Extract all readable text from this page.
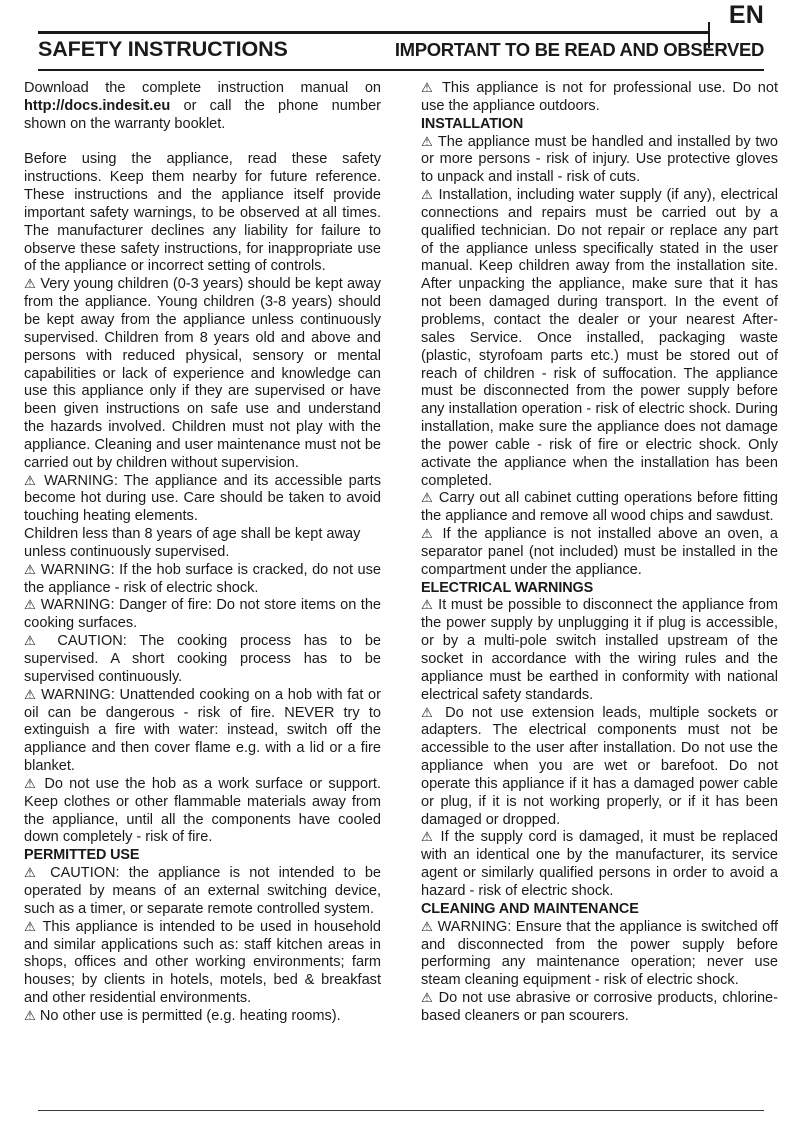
EN
SAFETY INSTRUCTIONS	IMPORTANT TO BE READ AND OBSERVED

Download the complete instruction manual on http://docs.indesit.eu or call the phone number shown on the warranty booklet.

Before using the appliance, read these safety instructions. Keep them nearby for future reference. These instructions and the appliance itself provide important safety warnings, to be observed at all times. The manufacturer declines any liability for failure to observe these safety instructions, for inappropriate use of the appliance or incorrect setting of controls.

⚠ Very young children (0-3 years) should be kept away from the appliance. Young children (3-8 years) should be kept away from the appliance unless continuously supervised. Children from 8 years old and above and persons with reduced physical, sensory or mental capabilities or lack of experience and knowledge can use this appliance only if they are supervised or have been given instructions on safe use and understand the hazards involved. Children must not play with the appliance. Cleaning and user maintenance must not be carried out by children without supervision.

⚠ WARNING: The appliance and its accessible parts become hot during use. Care should be taken to avoid touching heating elements.

Children less than 8 years of age shall be kept away unless continuously supervised.

⚠ WARNING: If the hob surface is cracked, do not use the appliance - risk of electric shock.

⚠ WARNING: Danger of fire: Do not store items on the cooking surfaces.

⚠ CAUTION: The cooking process has to be supervised. A short cooking process has to be supervised continuously.

⚠ WARNING: Unattended cooking on a hob with fat or oil can be dangerous - risk of fire. NEVER try to extinguish a fire with water: instead, switch off the appliance and then cover flame e.g. with a lid or a fire blanket.

⚠ Do not use the hob as a work surface or support. Keep clothes or other flammable materials away from the appliance, until all the components have cooled down completely - risk of fire.

PERMITTED USE

⚠ CAUTION: the appliance is not intended to be operated by means of an external switching device, such as a timer, or separate remote controlled system.

⚠ This appliance is intended to be used in household and similar applications such as: staff kitchen areas in shops, offices and other working environments; farm houses; by clients in hotels, motels, bed & breakfast and other residential environments.

⚠ No other use is permitted (e.g. heating rooms).

⚠ This appliance is not for professional use. Do not use the appliance outdoors.

INSTALLATION

⚠ The appliance must be handled and installed by two or more persons - risk of injury. Use protective gloves to unpack and install - risk of cuts.

⚠ Installation, including water supply (if any), electrical connections and repairs must be carried out by a qualified technician. Do not repair or replace any part of the appliance unless specifically stated in the user manual. Keep children away from the installation site. After unpacking the appliance, make sure that it has not been damaged during transport. In the event of problems, contact the dealer or your nearest After-sales Service. Once installed, packaging waste (plastic, styrofoam parts etc.) must be stored out of reach of children - risk of suffocation. The appliance must be disconnected from the power supply before any installation operation - risk of electric shock. During installation, make sure the appliance does not damage the power cable - risk of fire or electric shock. Only activate the appliance when the installation has been completed.

⚠ Carry out all cabinet cutting operations before fitting the appliance and remove all wood chips and sawdust.

⚠ If the appliance is not installed above an oven, a separator panel (not included) must be installed in the compartment under the appliance.

ELECTRICAL WARNINGS

⚠ It must be possible to disconnect the appliance from the power supply by unplugging it if plug is accessible, or by a multi-pole switch installed upstream of the socket in accordance with the wiring rules and the appliance must be earthed in conformity with national electrical safety standards.

⚠ Do not use extension leads, multiple sockets or adapters. The electrical components must not be accessible to the user after installation. Do not use the appliance when you are wet or barefoot. Do not operate this appliance if it has a damaged power cable or plug, if it is not working properly, or if it has been damaged or dropped.

⚠ If the supply cord is damaged, it must be replaced with an identical one by the manufacturer, its service agent or similarly qualified persons in order to avoid a hazard - risk of electric shock.

CLEANING AND MAINTENANCE

⚠ WARNING: Ensure that the appliance is switched off and disconnected from the power supply before performing any maintenance operation; never use steam cleaning equipment - risk of electric shock.

⚠ Do not use abrasive or corrosive products, chlorine-based cleaners or pan scourers.
